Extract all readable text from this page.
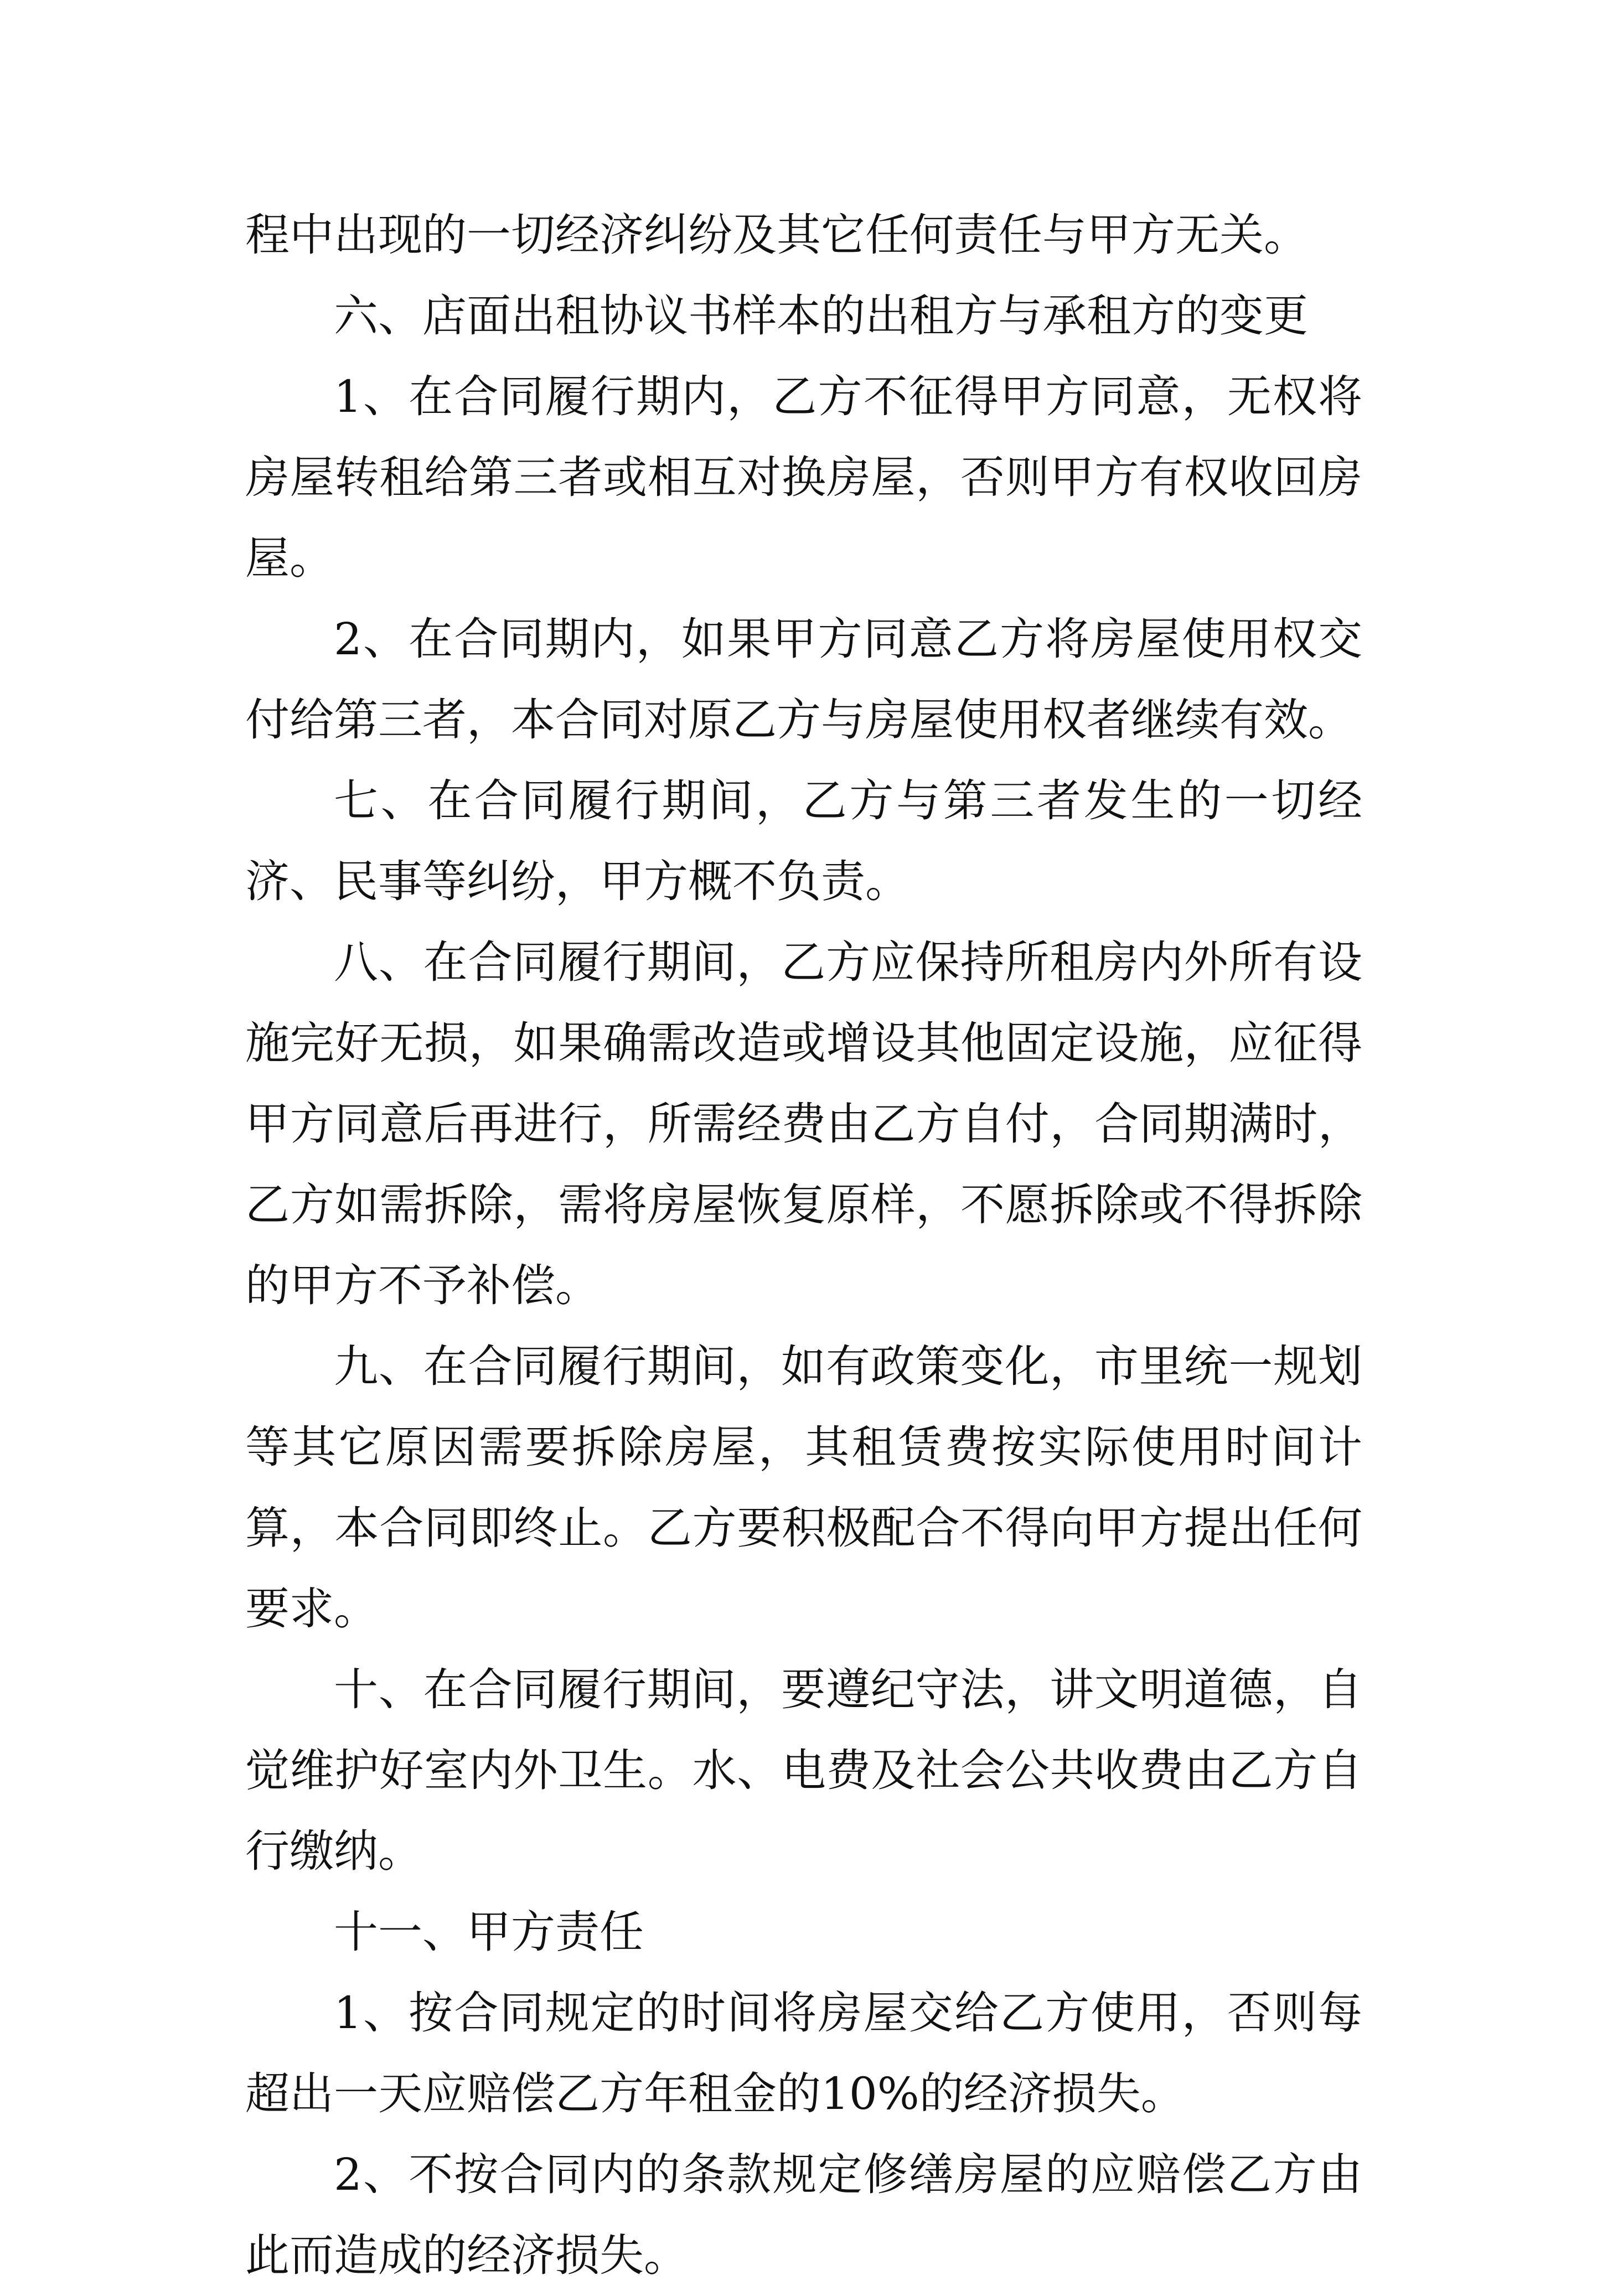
程中出现的一切经济纠纷及其它任何责任与甲方无关。

六、店面出租协议书样本的出租方与承租方的变更

1、在合同履行期内，乙方不征得甲方同意，无权将房屋转租给第三者或相互对换房屋，否则甲方有权收回房屋。

2、在合同期内，如果甲方同意乙方将房屋使用权交付给第三者，本合同对原乙方与房屋使用权者继续有效。

七、在合同履行期间，乙方与第三者发生的一切经济、民事等纠纷，甲方概不负责。

八、在合同履行期间，乙方应保持所租房内外所有设施完好无损，如果确需改造或增设其他固定设施，应征得甲方同意后再进行，所需经费由乙方自付，合同期满时，乙方如需拆除，需将房屋恢复原样，不愿拆除或不得拆除的甲方不予补偿。

九、在合同履行期间，如有政策变化，市里统一规划等其它原因需要拆除房屋，其租赁费按实际使用时间计算，本合同即终止。乙方要积极配合不得向甲方提出任何要求。

十、在合同履行期间，要遵纪守法，讲文明道德，自觉维护好室内外卫生。水、电费及社会公共收费由乙方自行缴纳。

十一、甲方责任

1、按合同规定的时间将房屋交给乙方使用，否则每超出一天应赔偿乙方年租金的10%的经济损失。

2、不按合同内的条款规定修缮房屋的应赔偿乙方由此而造成的经济损失。
